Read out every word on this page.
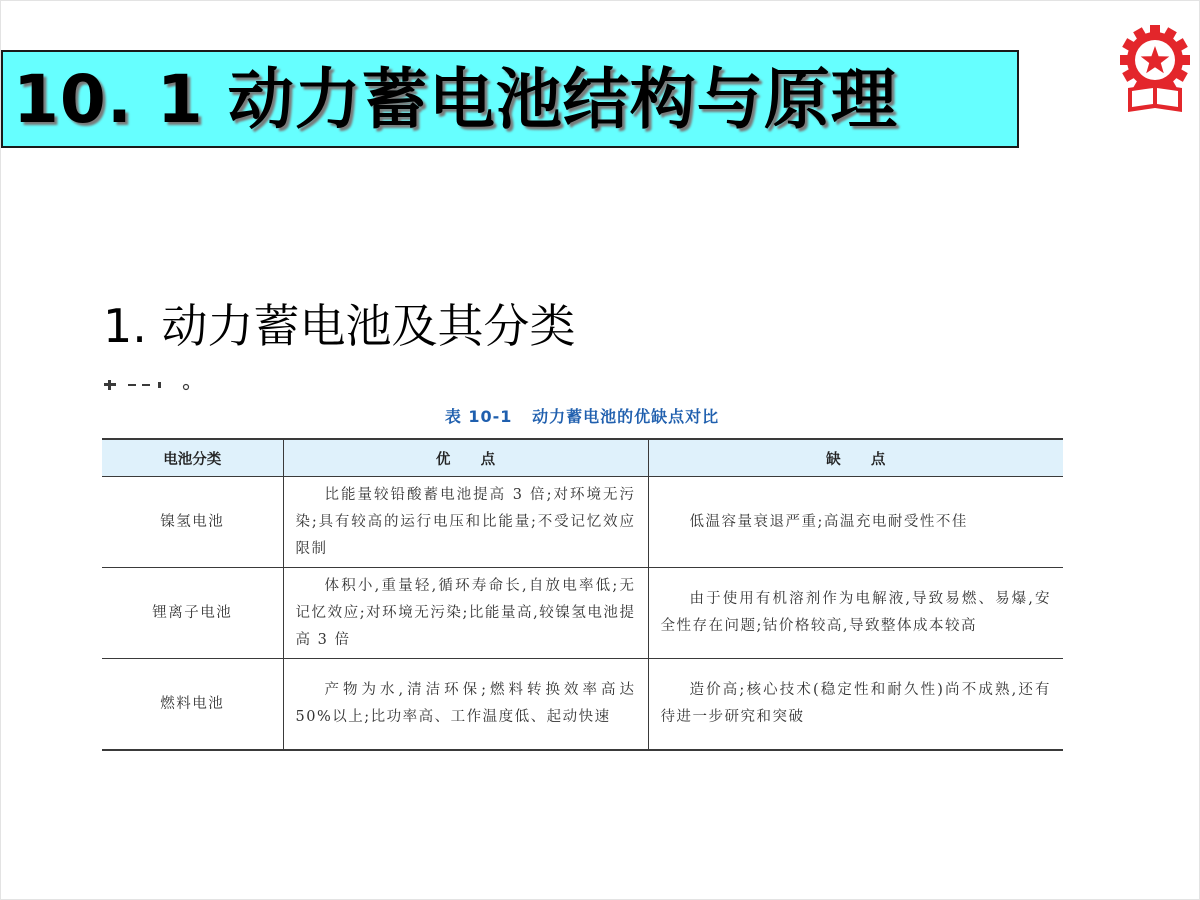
10. 1 动力蓄电池结构与原理
1. 动力蓄电池及其分类
表 10-1   动力蓄电池的优缺点对比
电池分类	优      点	缺      点
镍氢电池	比能量较铅酸蓄电池提高 3 倍;对环境无污染;具有较高的运行电压和比能量;不受记忆效应限制	低温容量衰退严重;高温充电耐受性不佳
锂离子电池	体积小,重量轻,循环寿命长,自放电率低;无记忆效应;对环境无污染;比能量高,较镍氢电池提高 3 倍	由于使用有机溶剂作为电解液,导致易燃、易爆,安全性存在问题;钴价格较高,导致整体成本较高
燃料电池	产物为水,清洁环保;燃料转换效率高达 50%以上;比功率高、工作温度低、起动快速	造价高;核心技术(稳定性和耐久性)尚不成熟,还有待进一步研究和突破
